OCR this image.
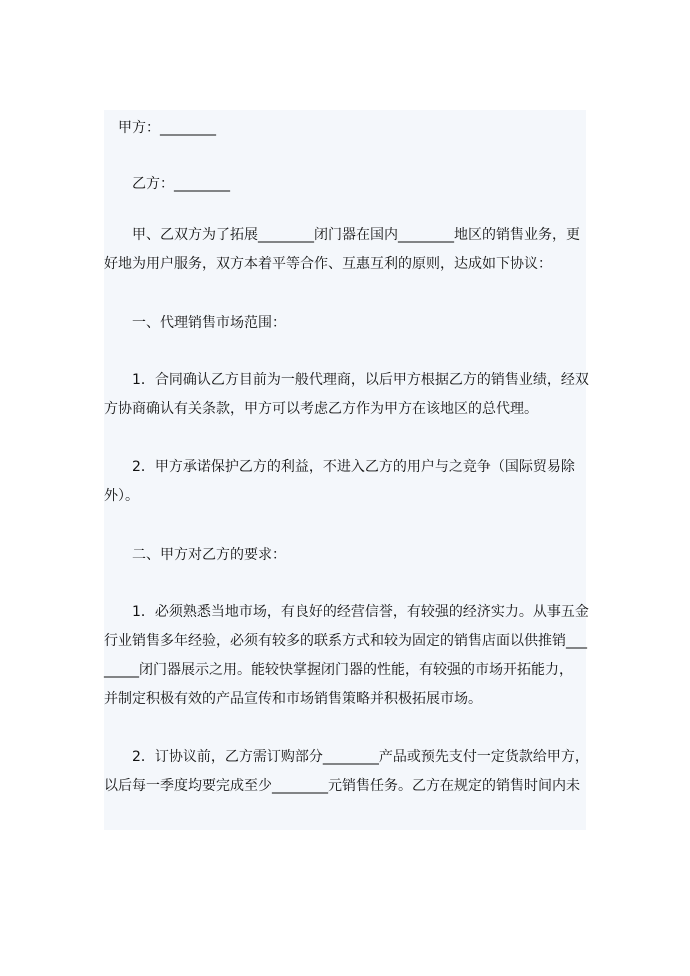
甲方：________

乙方：________

甲、乙双方为了拓展________闭门器在国内________地区的销售业务，更
好地为用户服务，双方本着平等合作、互惠互利的原则，达成如下协议：

一、代理销售市场范围：

1．合同确认乙方目前为一般代理商，以后甲方根据乙方的销售业绩，经双
方协商确认有关条款，甲方可以考虑乙方作为甲方在该地区的总代理。

2．甲方承诺保护乙方的利益，不进入乙方的用户与之竞争（国际贸易除
外）。

二、甲方对乙方的要求：

1．必须熟悉当地市场，有良好的经营信誉，有较强的经济实力。从事五金
行业销售多年经验，必须有较多的联系方式和较为固定的销售店面以供推销___
_____闭门器展示之用。能较快掌握闭门器的性能，有较强的市场开拓能力，
并制定积极有效的产品宣传和市场销售策略并积极拓展市场。

2．订协议前，乙方需订购部分________产品或预先支付一定货款给甲方，
以后每一季度均要完成至少________元销售任务。乙方在规定的销售时间内未
